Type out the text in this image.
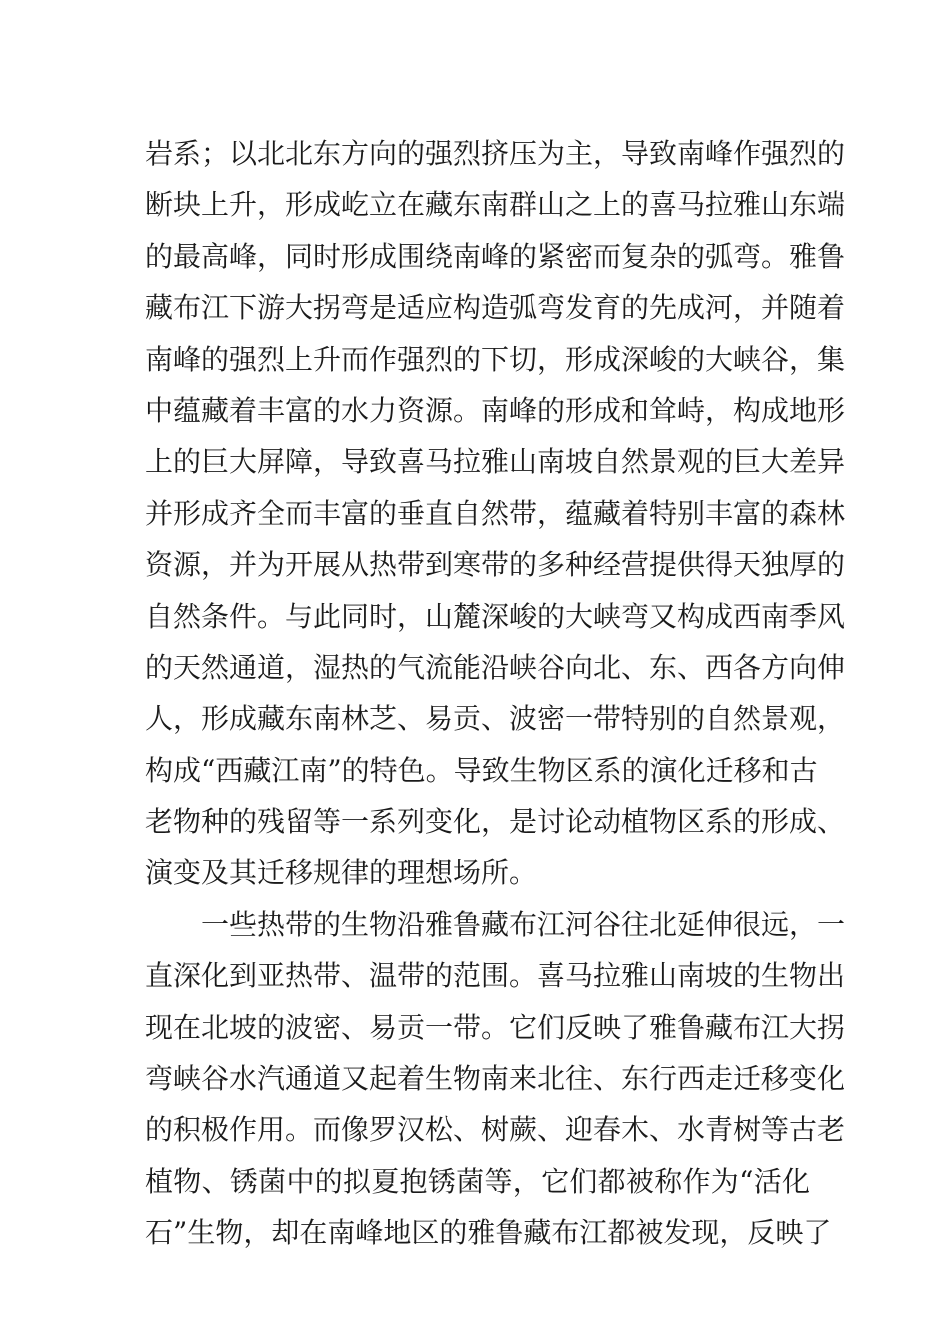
岩系；以北北东方向的强烈挤压为主，导致南峰作强烈的
断块上升，形成屹立在藏东南群山之上的喜马拉雅山东端
的最高峰，同时形成围绕南峰的紧密而复杂的弧弯。雅鲁
藏布江下游大拐弯是适应构造弧弯发育的先成河，并随着
南峰的强烈上升而作强烈的下切，形成深峻的大峡谷，集
中蕴藏着丰富的水力资源。南峰的形成和耸峙，构成地形
上的巨大屏障，导致喜马拉雅山南坡自然景观的巨大差异
并形成齐全而丰富的垂直自然带，蕴藏着特别丰富的森林
资源，并为开展从热带到寒带的多种经营提供得天独厚的
自然条件。与此同时，山麓深峻的大峡弯又构成西南季风
的天然通道，湿热的气流能沿峡谷向北、东、西各方向伸
人，形成藏东南林芝、易贡、波密一带特别的自然景观，
构成“西藏江南”的特色。导致生物区系的演化迁移和古
老物种的残留等一系列变化，是讨论动植物区系的形成、
演变及其迁移规律的理想场所。
一些热带的生物沿雅鲁藏布江河谷往北延伸很远，一
直深化到亚热带、温带的范围。喜马拉雅山南坡的生物出
现在北坡的波密、易贡一带。它们反映了雅鲁藏布江大拐
弯峡谷水汽通道又起着生物南来北往、东行西走迁移变化
的积极作用。而像罗汉松、树蕨、迎春木、水青树等古老
植物、锈菌中的拟夏抱锈菌等，它们都被称作为“活化
石”生物，却在南峰地区的雅鲁藏布江都被发现，反映了
